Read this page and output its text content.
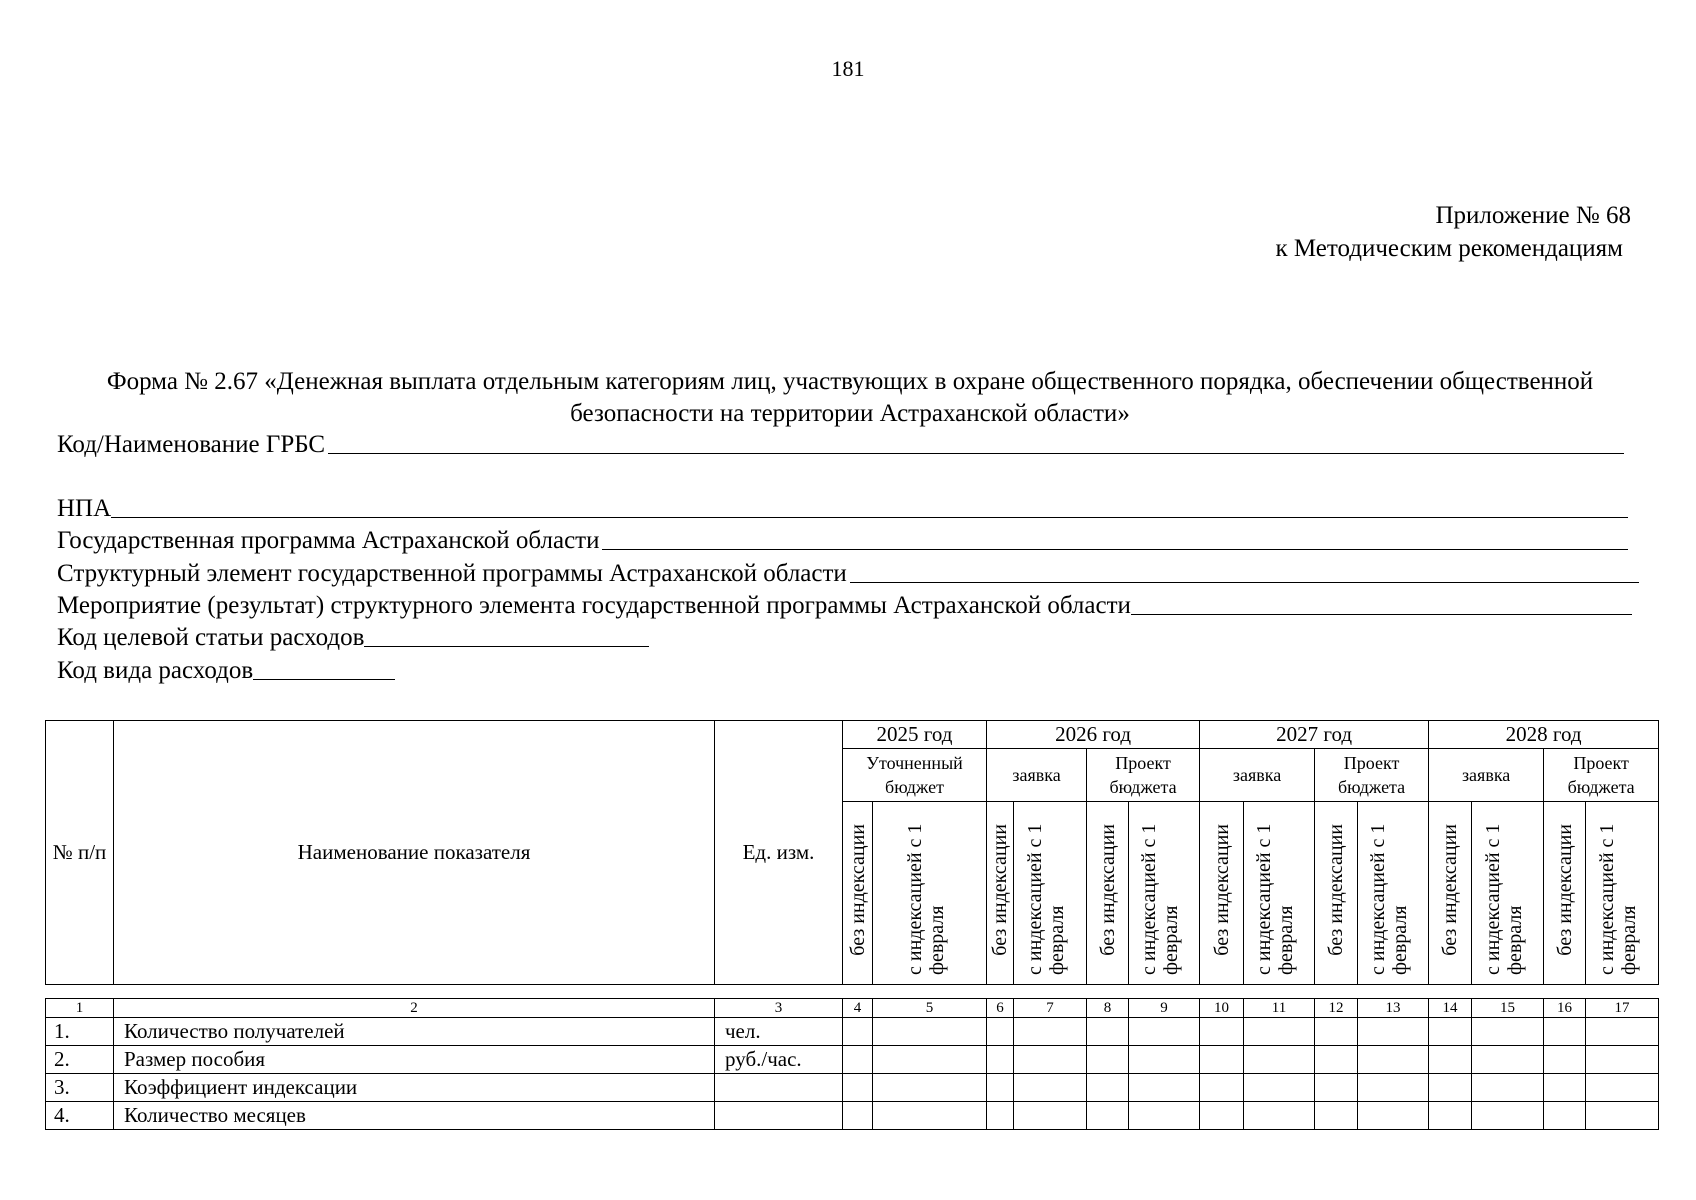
181
Приложение № 68
к Методическим рекомендациям
Форма № 2.67 «Денежная выплата отдельным категориям лиц, участвующих в охране общественного порядка, обеспечении общественной безопасности на территории Астраханской области»
Код/Наименование ГРБС
НПА
Государственная программа Астраханской области
Структурный элемент государственной программы Астраханской области
Мероприятие (результат) структурного элемента государственной программы Астраханской области
Код целевой статьи расходов
Код вида расходов
№ п/п	Наименование показателя	Ед. изм.	2025 год		2026 год				2027 год				2028 год			
			Уточненный бюджет		заявка		Проект бюджета		заявка		Проект бюджета		заявка		Проект бюджета	
			без индексации	с индексацией с 1 февраля	без индексации	с индексацией с 1 февраля	без индексации	с индексацией с 1 февраля	без индексации	с индексацией с 1 февраля	без индексации	с индексацией с 1 февраля	без индексации	с индексацией с 1 февраля	без индексации	с индексацией с 1 февраля
1	2	3	4	5	6	7	8	9	10	11	12	13	14	15	16	17
1.	Количество получателей	чел.														
2.	Размер пособия	руб./час.														
3.	Коэффициент индексации															
4.	Количество месяцев															
